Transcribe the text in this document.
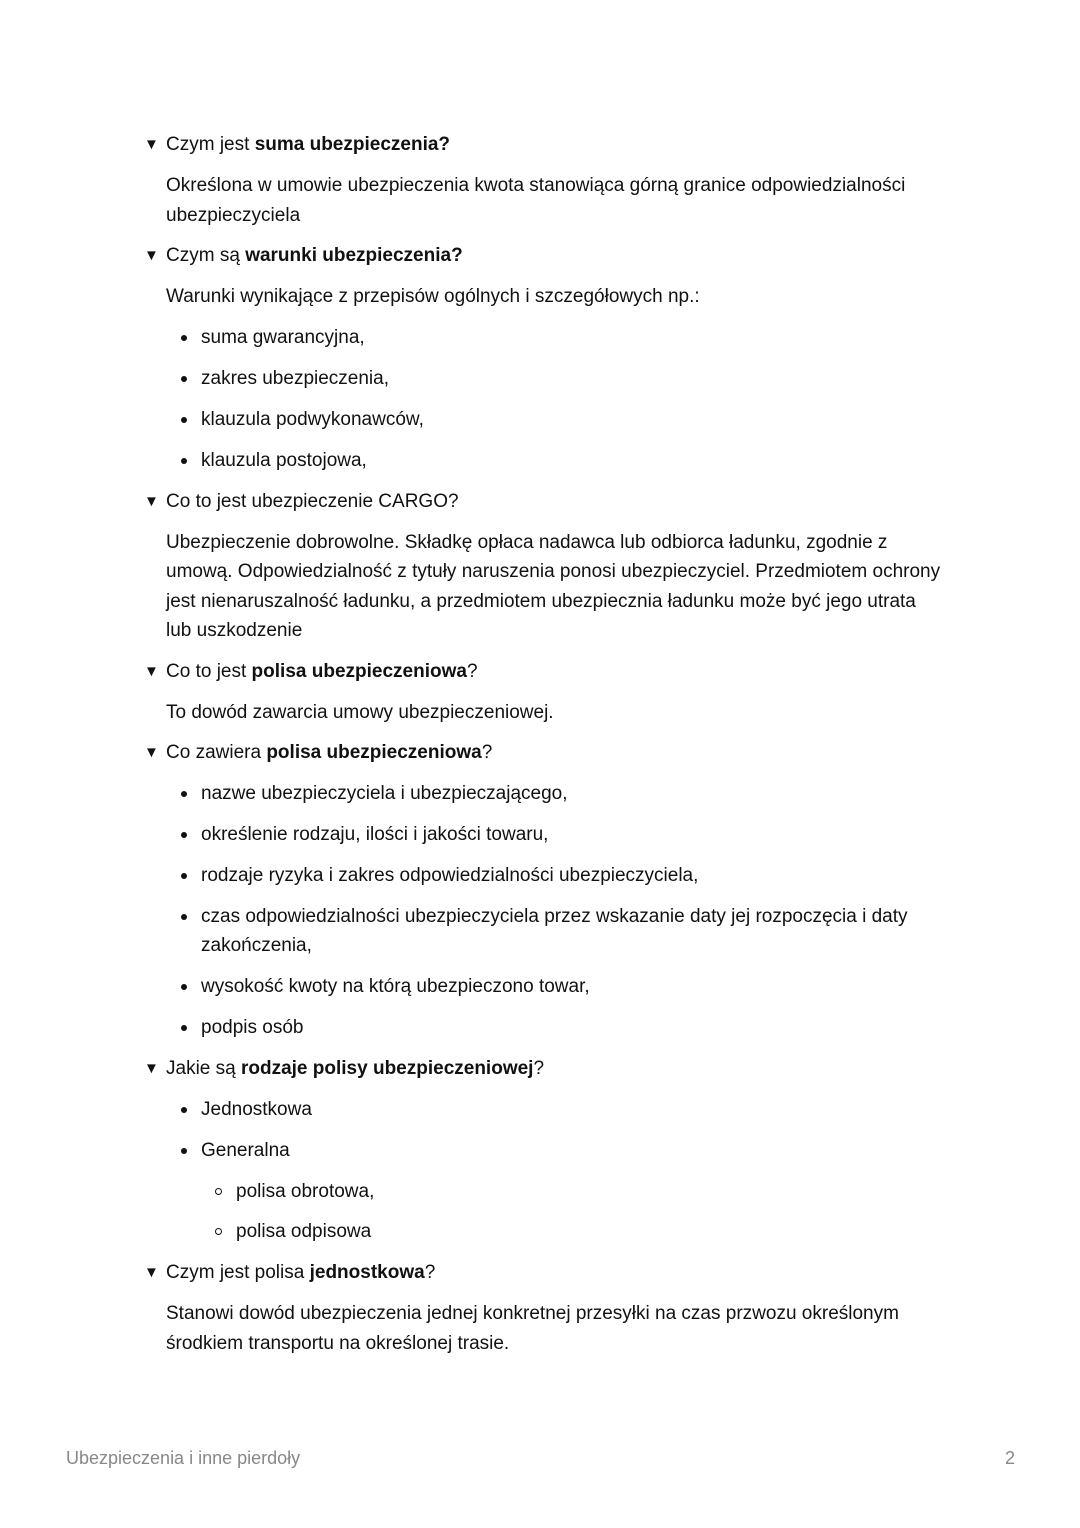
▼ Czym jest suma ubezpieczenia?
Określona w umowie ubezpieczenia kwota stanowiąca górną granice odpowiedzialności ubezpieczyciela
▼ Czym są warunki ubezpieczenia?
Warunki wynikające z przepisów ogólnych i szczegółowych np.:
suma gwarancyjna,
zakres ubezpieczenia,
klauzula podwykonawców,
klauzula postojowa,
▼ Co to jest ubezpieczenie CARGO?
Ubezpieczenie dobrowolne. Składkę opłaca nadawca lub odbiorca ładunku, zgodnie z umową. Odpowiedzialność z tytuły naruszenia ponosi ubezpieczyciel. Przedmiotem ochrony jest nienaruszalność ładunku, a przedmiotem ubezpiecznia ładunku może być jego utrata lub uszkodzenie
▼ Co to jest polisa ubezpieczeniowa?
To dowód zawarcia umowy ubezpieczeniowej.
▼ Co zawiera polisa ubezpieczeniowa?
nazwe ubezpieczyciela i ubezpieczającego,
określenie rodzaju, ilości i jakości towaru,
rodzaje ryzyka i zakres odpowiedzialności ubezpieczyciela,
czas odpowiedzialności ubezpieczyciela przez wskazanie daty jej rozpoczęcia i daty zakończenia,
wysokość kwoty na którą ubezpieczono towar,
podpis osób
▼ Jakie są rodzaje polisy ubezpieczeniowej?
Jednostkowa
Generalna
polisa obrotowa,
polisa odpisowa
▼ Czym jest polisa jednostkowa?
Stanowi dowód ubezpieczenia jednej konkretnej przesyłki na czas przwozu określonym środkiem transportu na określonej trasie.
Ubezpieczenia i inne pierdoły	2
